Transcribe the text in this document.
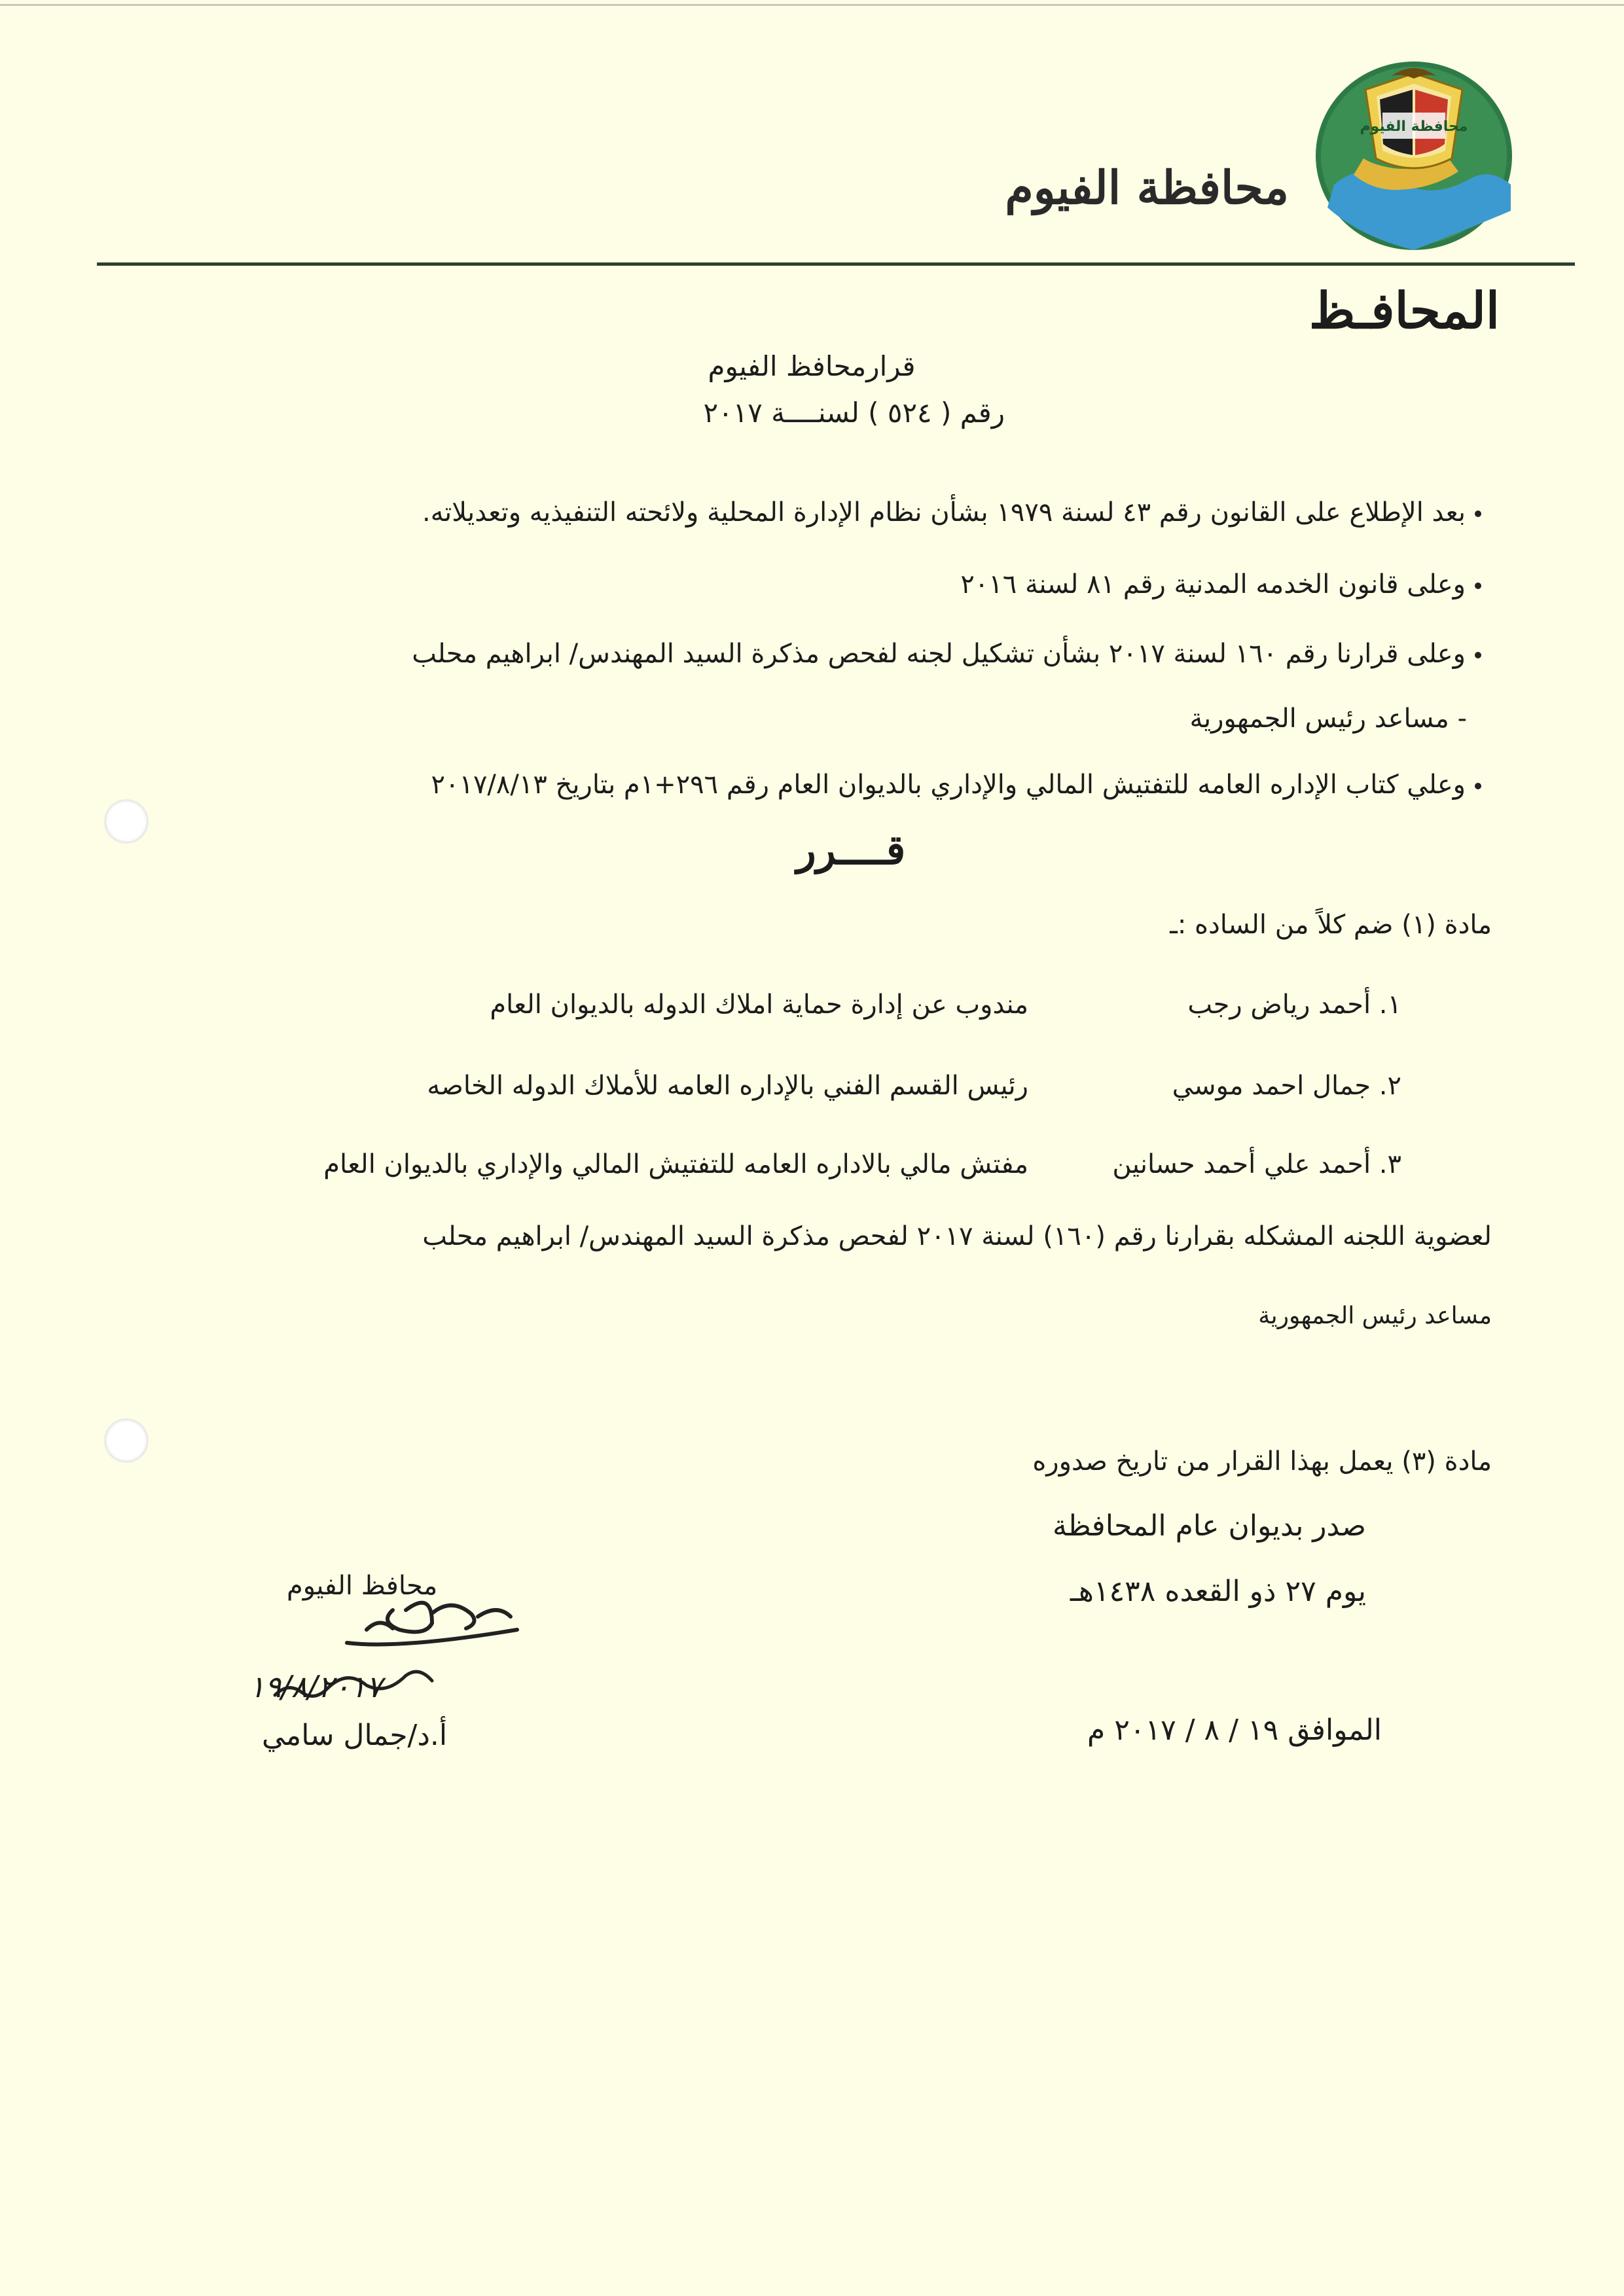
محافظة الفيوم
محافظة الفيوم
المحافـظ
قرارمحافظ الفيوم
رقم ( ٥٢٤ ) لسنــــة ٢٠١٧
بعد الإطلاع على القانون رقم ٤٣ لسنة ١٩٧٩ بشأن نظام الإدارة المحلية ولائحته التنفيذيه وتعديلاته.
وعلى قانون الخدمه المدنية رقم ٨١ لسنة ٢٠١٦
وعلى قرارنا رقم ١٦٠ لسنة ٢٠١٧ بشأن تشكيل لجنه لفحص مذكرة السيد المهندس/ ابراهيم محلب
- مساعد رئيس الجمهورية
وعلي كتاب الإداره العامه للتفتيش المالي والإداري بالديوان العام رقم ٢٩٦+١م بتاريخ ٢٠١٧/٨/١٣
قــــرر
مادة (١) ضم كلاً من الساده :ـ
١. أحمد رياض رجب
مندوب عن إدارة حماية املاك الدوله بالديوان العام
٢. جمال احمد موسي
رئيس القسم الفني بالإداره العامه للأملاك الدوله الخاصه
٣. أحمد علي أحمد حسانين
مفتش مالي بالاداره العامه للتفتيش المالي والإداري بالديوان العام
لعضوية اللجنه المشكله بقرارنا رقم (١٦٠) لسنة ٢٠١٧ لفحص مذكرة السيد المهندس/ ابراهيم محلب
مساعد رئيس الجمهورية
مادة (٣) يعمل بهذا القرار من تاريخ صدوره
صدر بديوان عام المحافظة
يوم ٢٧ ذو القعده ١٤٣٨هـ
الموافق ١٩ / ٨ / ٢٠١٧ م
محافظ الفيوم
١٩/٨/٢٠١٧
أ.د/جمال سامي
